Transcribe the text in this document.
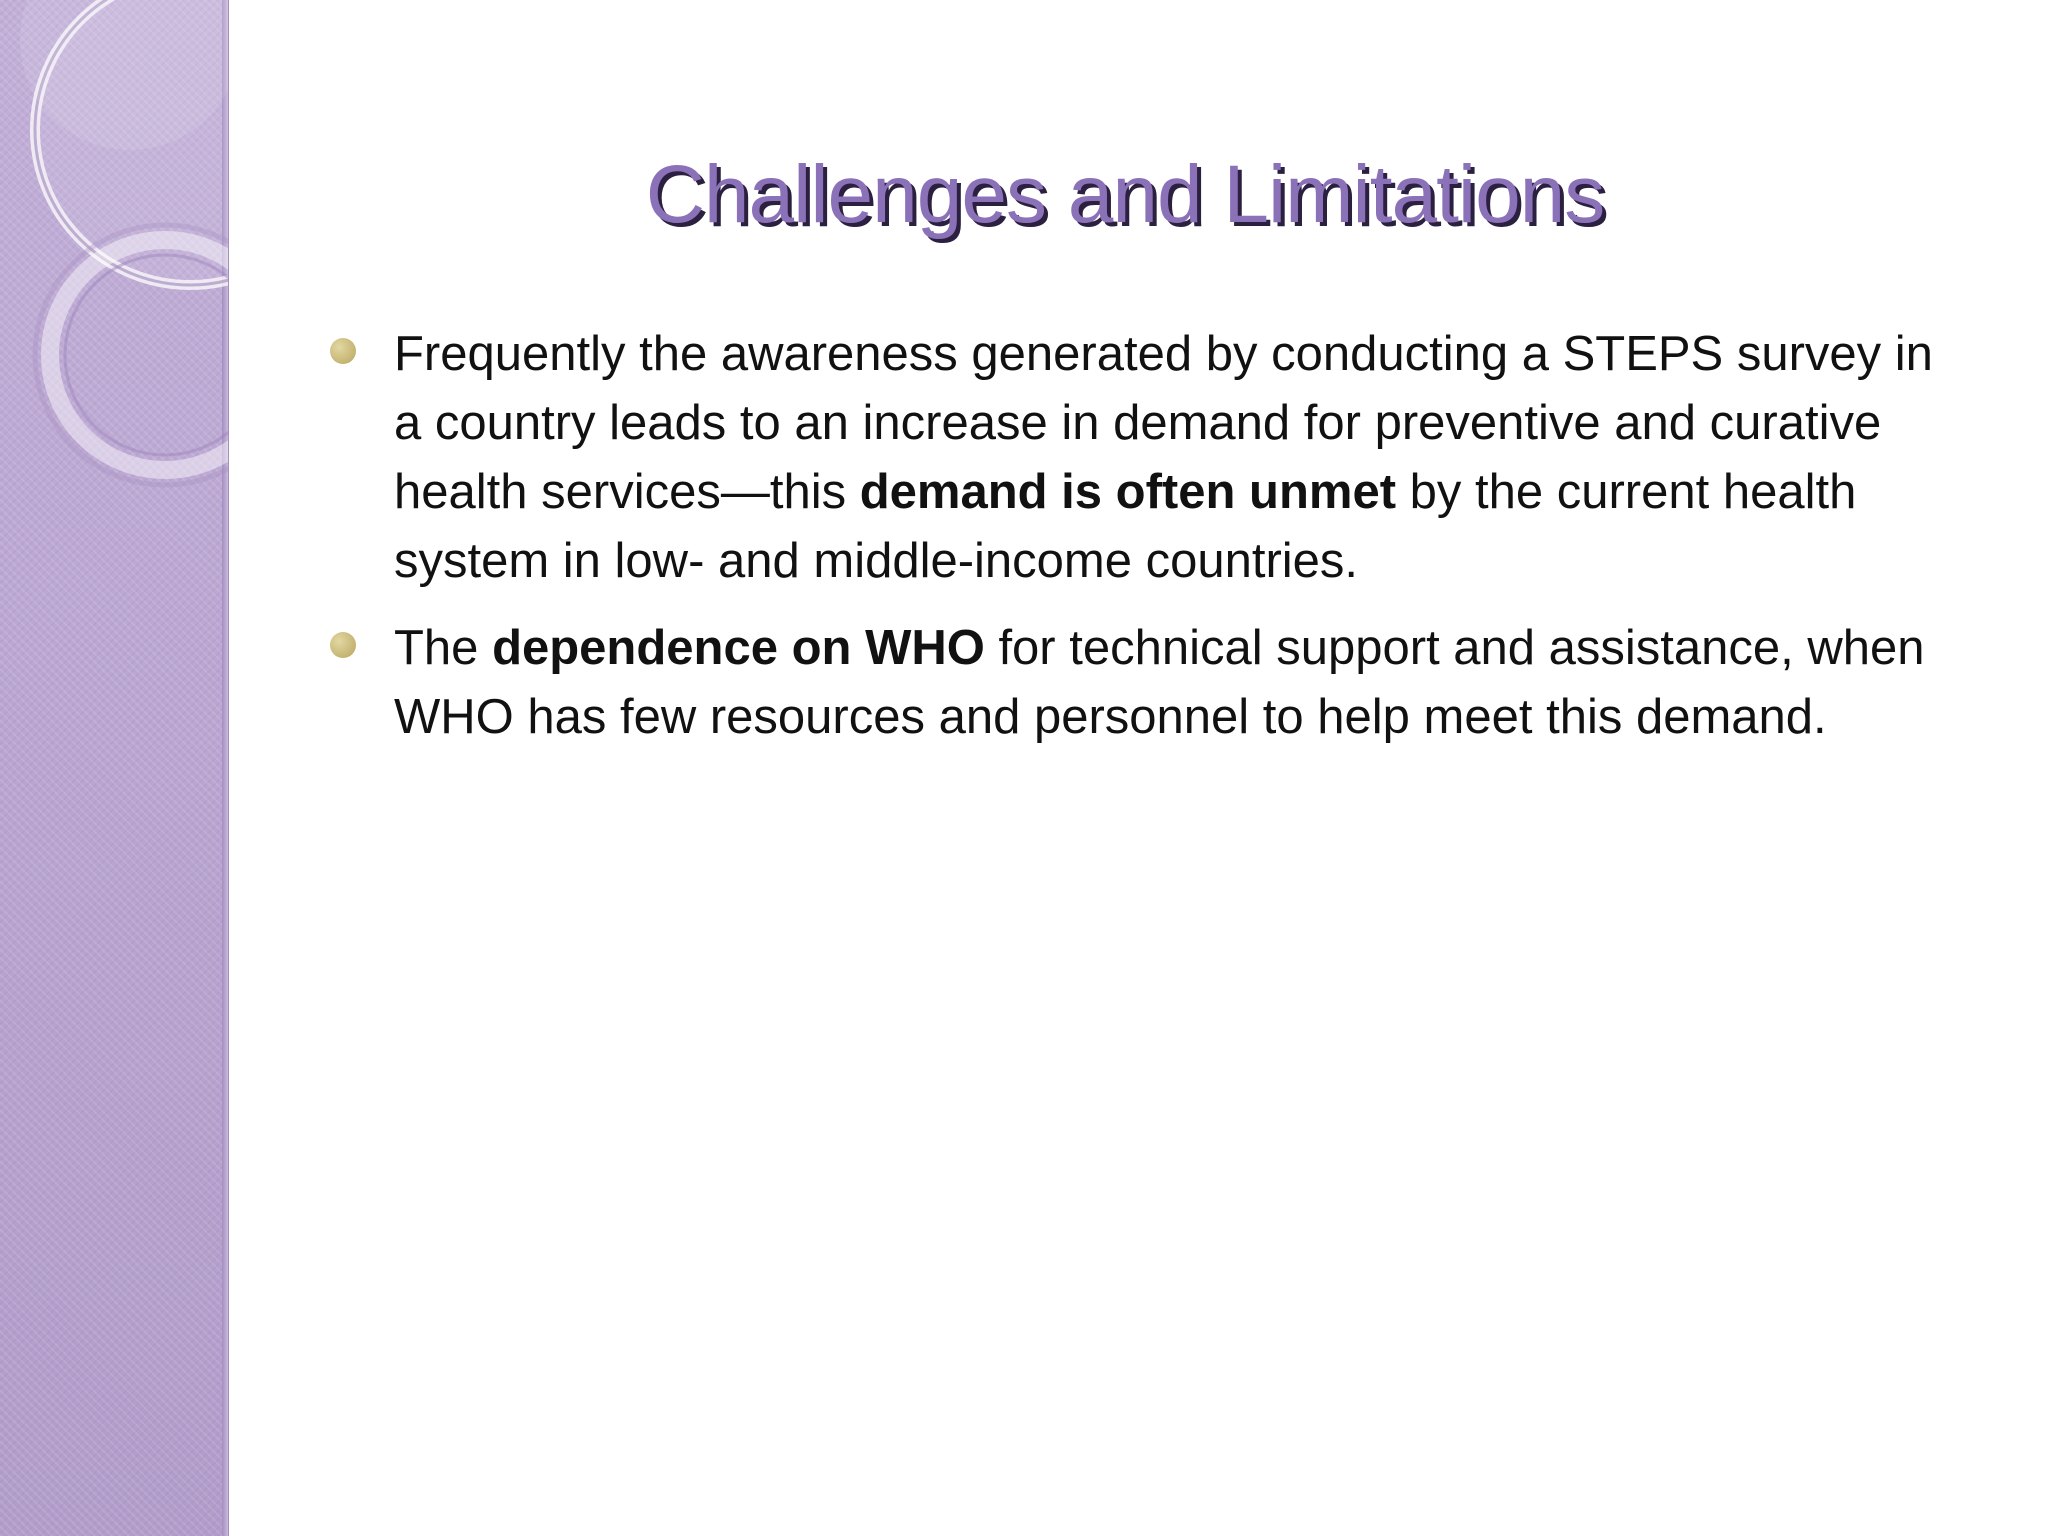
Challenges and Limitations
Frequently the awareness generated by conducting a STEPS survey in a country leads to an increase in demand for preventive and curative health services—this demand is often unmet by the current health system in low- and middle-income countries.
The dependence on WHO for technical support and assistance, when WHO has few resources and personnel to help meet this demand.
